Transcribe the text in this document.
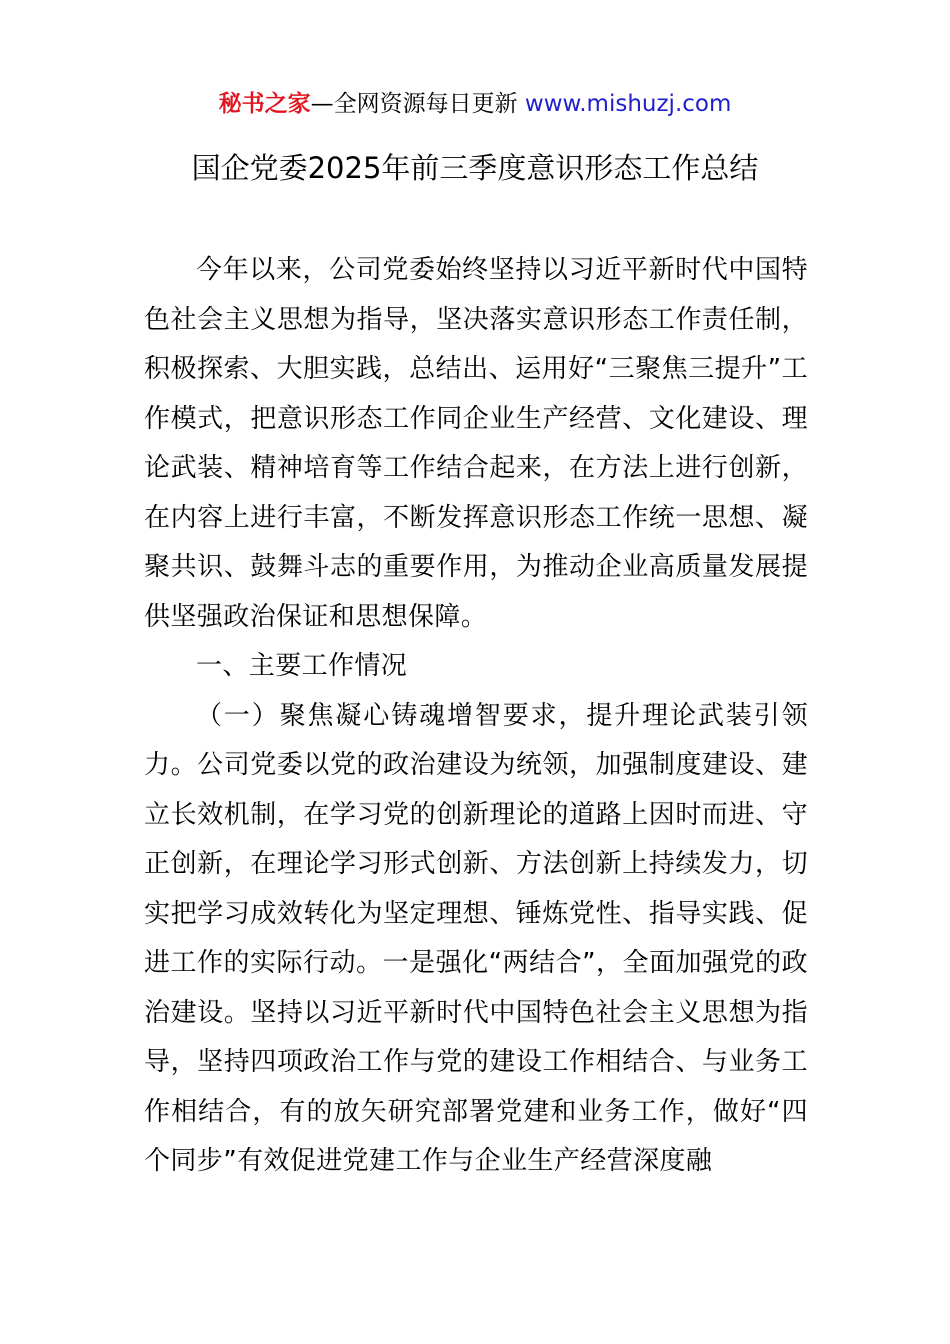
秘书之家—全网资源每日更新 www.mishuzj.com
国企党委2025年前三季度意识形态工作总结

今年以来，公司党委始终坚持以习近平新时代中国特色社会主义思想为指导，坚决落实意识形态工作责任制，积极探索、大胆实践，总结出、运用好“三聚焦三提升”工作模式，把意识形态工作同企业生产经营、文化建设、理论武装、精神培育等工作结合起来，在方法上进行创新，在内容上进行丰富，不断发挥意识形态工作统一思想、凝聚共识、鼓舞斗志的重要作用，为推动企业高质量发展提供坚强政治保证和思想保障。

一、主要工作情况

（一）聚焦凝心铸魂增智要求，提升理论武装引领力。公司党委以党的政治建设为统领，加强制度建设、建立长效机制，在学习党的创新理论的道路上因时而进、守正创新，在理论学习形式创新、方法创新上持续发力，切实把学习成效转化为坚定理想、锤炼党性、指导实践、促进工作的实际行动。一是强化“两结合”，全面加强党的政治建设。坚持以习近平新时代中国特色社会主义思想为指导，坚持四项政治工作与党的建设工作相结合、与业务工作相结合，有的放矢研究部署党建和业务工作，做好“四个同步”有效促进党建工作与企业生产经营深度融
